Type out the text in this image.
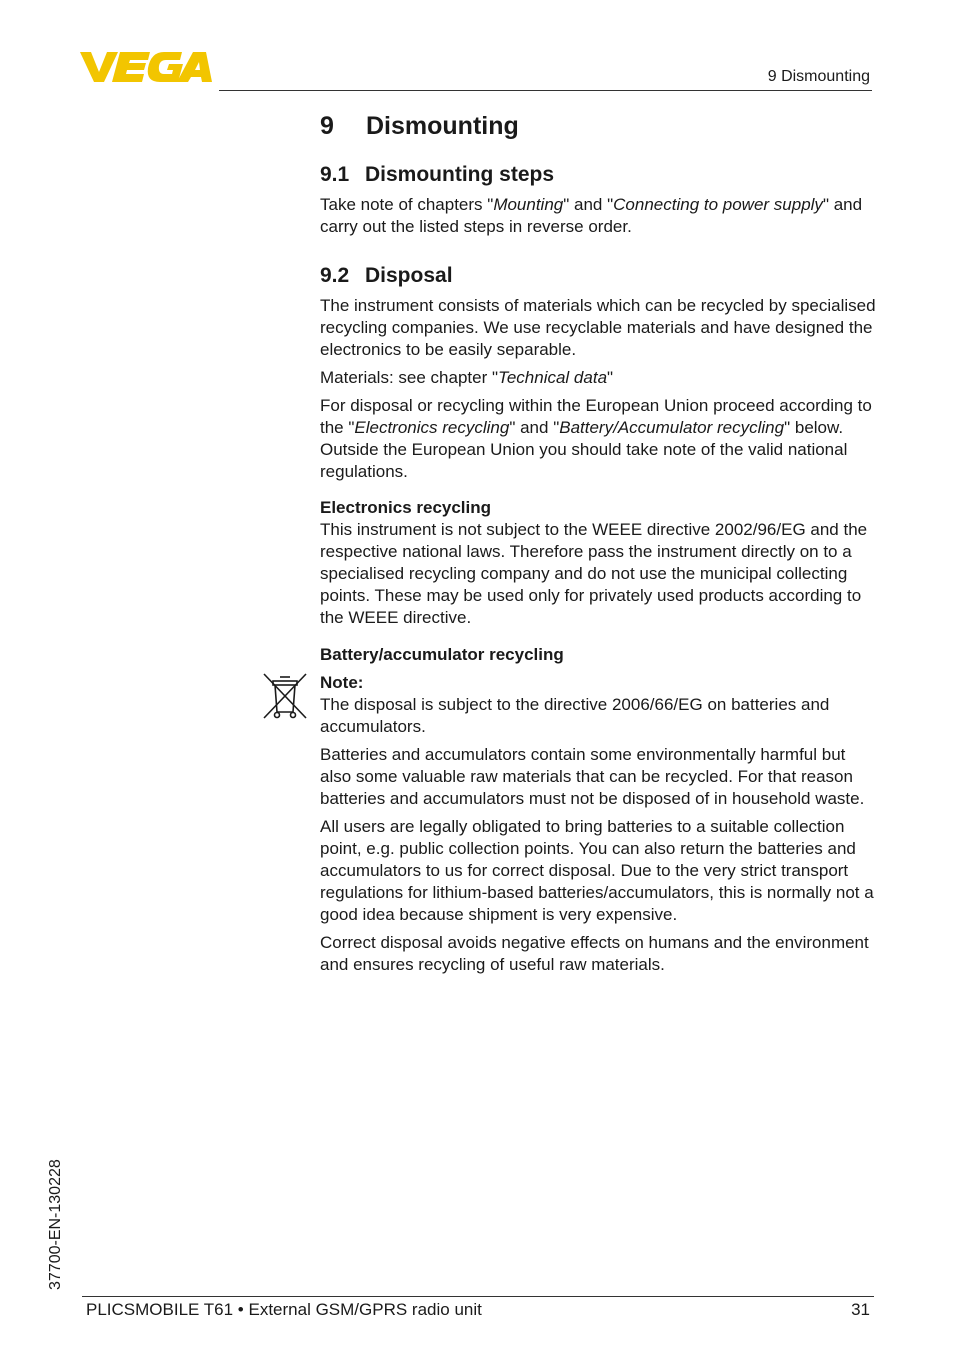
9 Dismounting
9 Dismounting
9.1 Dismounting steps

Take note of chapters "Mounting" and "Connecting to power supply" and carry out the listed steps in reverse order.

9.2 Disposal

The instrument consists of materials which can be recycled by specialised recycling companies. We use recyclable materials and have designed the electronics to be easily separable.

Materials: see chapter "Technical data"

For disposal or recycling within the European Union proceed according to the "Electronics recycling" and "Battery/Accumulator recycling" below. Outside the European Union you should take note of the valid national regulations.

Electronics recycling

This instrument is not subject to the WEEE directive 2002/96/EG and the respective national laws. Therefore pass the instrument directly on to a specialised recycling company and do not use the municipal collecting points. These may be used only for privately used products according to the WEEE directive.

Battery/accumulator recycling
Note:

The disposal is subject to the directive 2006/66/EG on batteries and accumulators.

Batteries and accumulators contain some environmentally harmful but also some valuable raw materials that can be recycled. For that reason batteries and accumulators must not be disposed of in household waste.

All users are legally obligated to bring batteries to a suitable collection point, e.g. public collection points. You can also return the batteries and accumulators to us for correct disposal. Due to the very strict transport regulations for lithium-based batteries/accumulators, this is normally not a good idea because shipment is very expensive.

Correct disposal avoids negative effects on humans and the environment and ensures recycling of useful raw materials.

37700-EN-130228
PLICSMOBILE T61 • External GSM/GPRS radio unit	31
